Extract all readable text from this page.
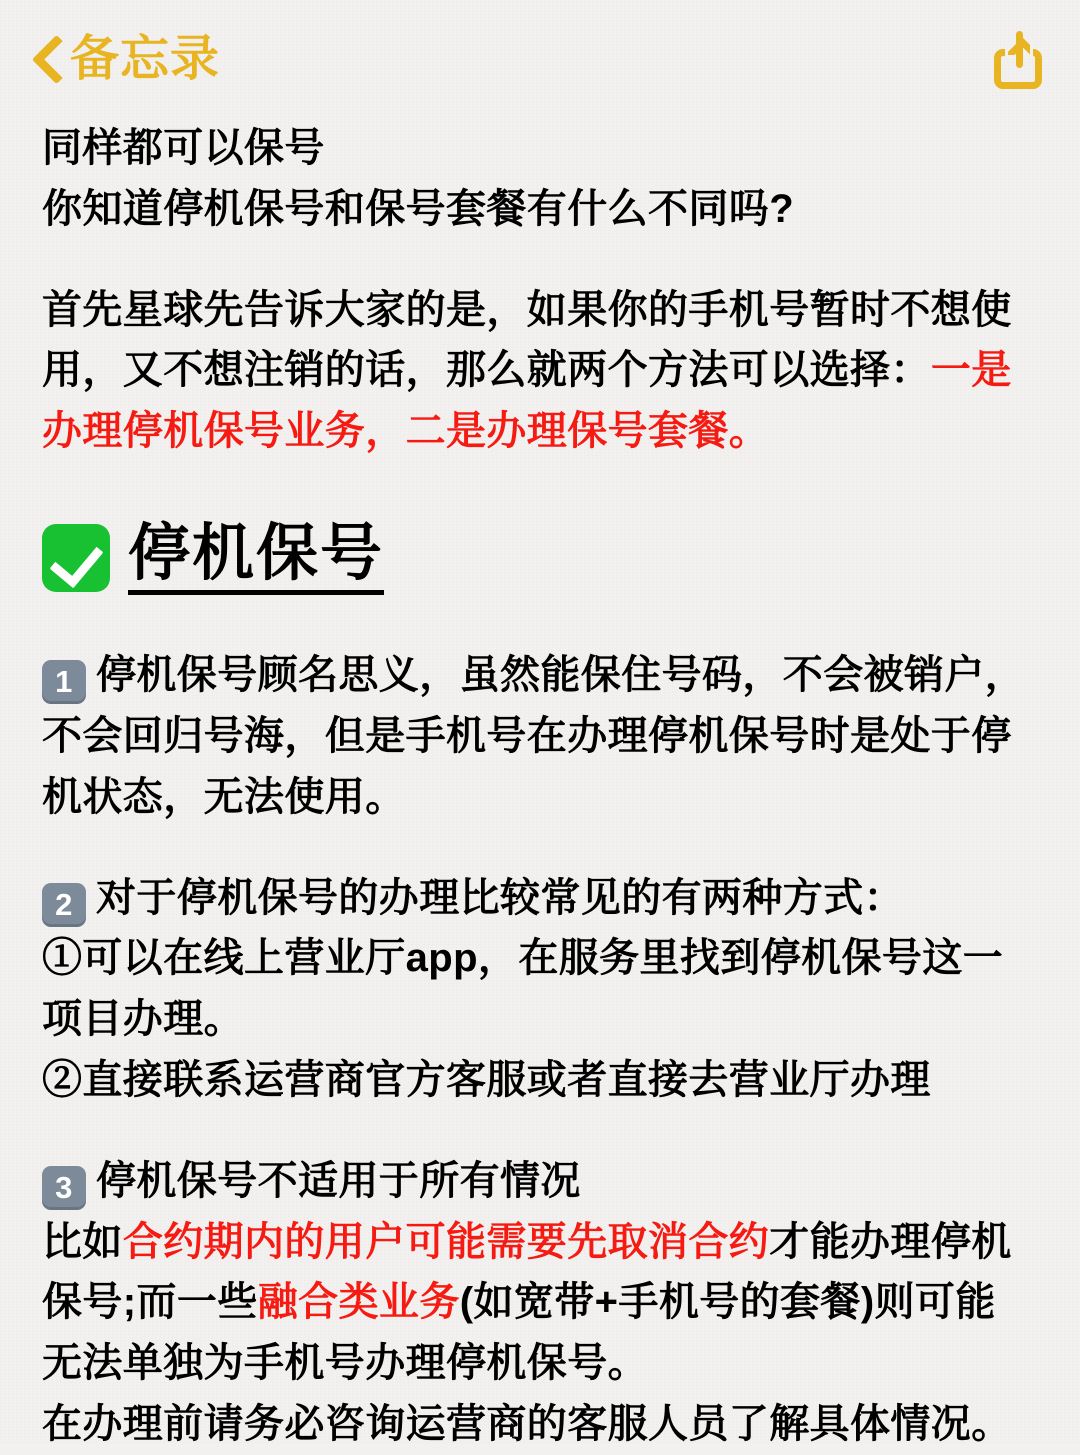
备忘录
同样都可以保号
你知道停机保号和保号套餐有什么不同吗?
首先星球先告诉大家的是，如果你的手机号暂时不想使用，又不想注销的话，那么就两个方法可以选择：一是办理停机保号业务，二是办理保号套餐。
停机保号
1 停机保号顾名思义，虽然能保住号码，不会被销户，不会回归号海，但是手机号在办理停机保号时是处于停机状态，无法使用。
2 对于停机保号的办理比较常见的有两种方式：
①可以在线上营业厅app，在服务里找到停机保号这一项目办理。
②直接联系运营商官方客服或者直接去营业厅办理
3 停机保号不适用于所有情况
比如合约期内的用户可能需要先取消合约才能办理停机保号;而一些融合类业务(如宽带+手机号的套餐)则可能无法单独为手机号办理停机保号。
在办理前请务必咨询运营商的客服人员了解具体情况。
